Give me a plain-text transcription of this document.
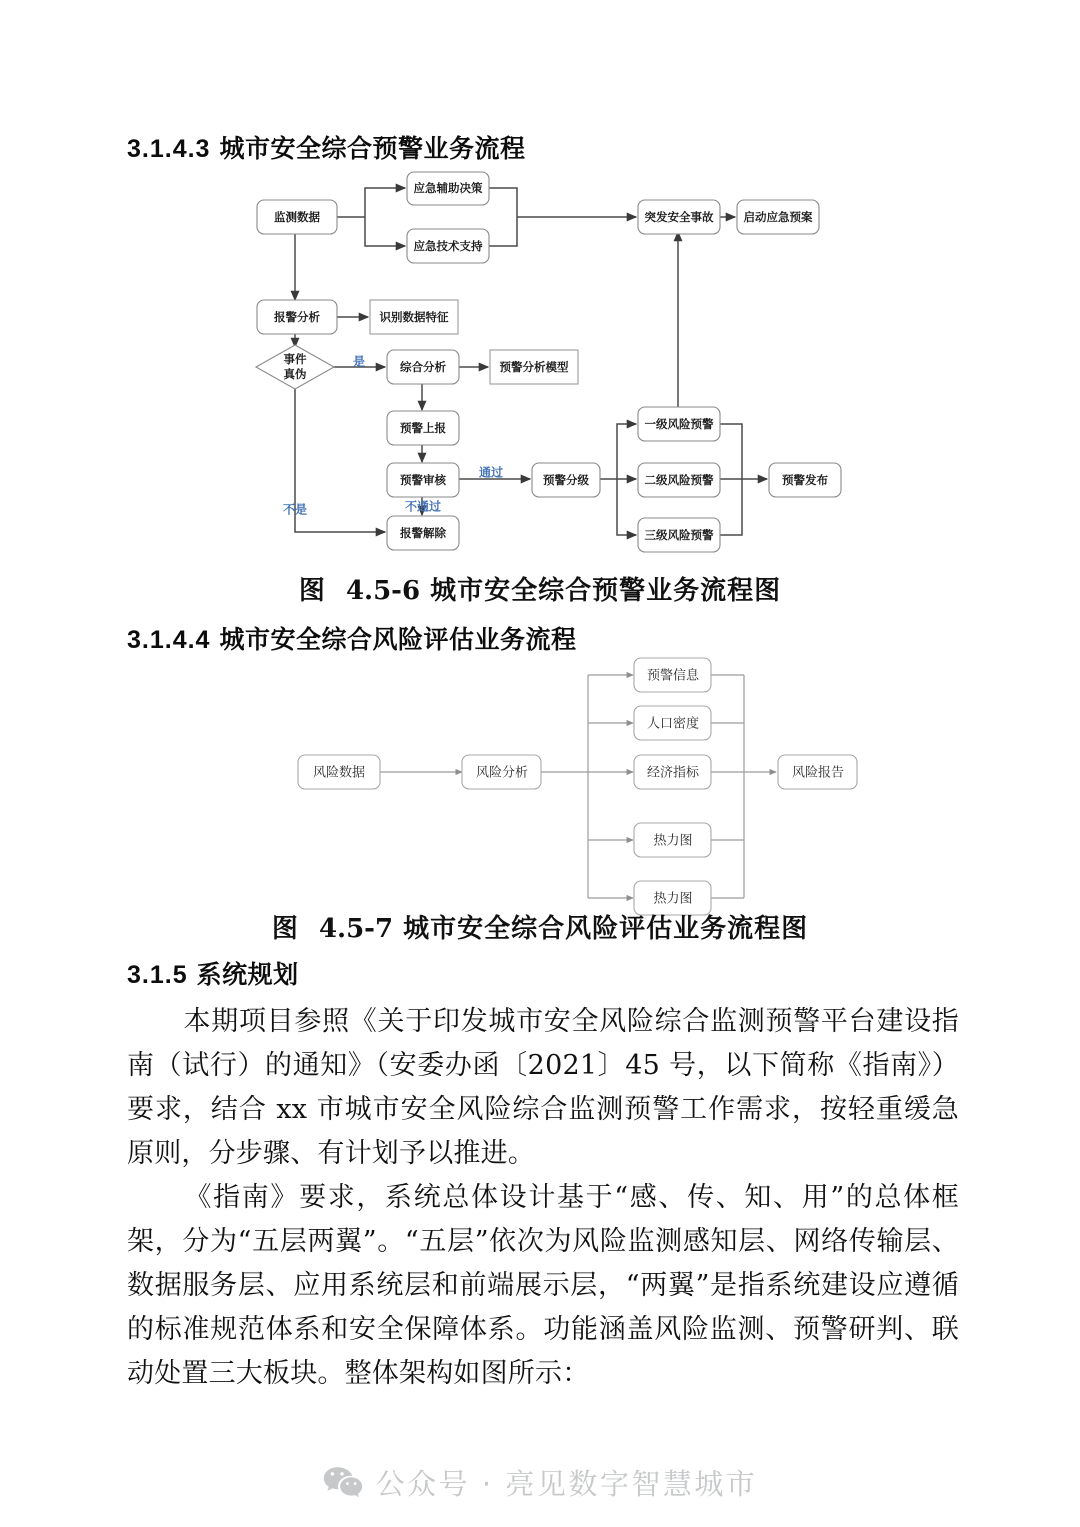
3.1.4.3 城市安全综合预警业务流程
监测数据
应急辅助决策
应急技术支持
突发安全事故	启动应急预案
报警分析	识别数据特征
事件
真伪	综合分析	预警分析模型
预警上报
预警审核
报警解除
预警分级
一级风险预警
二级风险预警
三级风险预警
预警发布
是
不是
通过
不通过
图 4.5-6 城市安全综合预警业务流程图
3.1.4.4 城市安全综合风险评估业务流程
风险数据	风险分析
预警信息
人口密度
经济指标
热力图
热力图
风险报告
图 4.5-7 城市安全综合风险评估业务流程图
3.1.5 系统规划
本期项目参照《关于印发城市安全风险综合监测预警平台建设指南（试行）的通知》（安委办函〔2021〕45 号，以下简称《指南》）要求，结合 xx 市城市安全风险综合监测预警工作需求，按轻重缓急原则，分步骤、有计划予以推进。
《指南》要求，系统总体设计基于“感、传、知、用”的总体框架，分为“五层两翼”。“五层”依次为风险监测感知层、网络传输层、数据服务层、应用系统层和前端展示层，“两翼”是指系统建设应遵循的标准规范体系和安全保障体系。功能涵盖风险监测、预警研判、联动处置三大板块。整体架构如图所示：
公众号 · 亮见数字智慧城市
